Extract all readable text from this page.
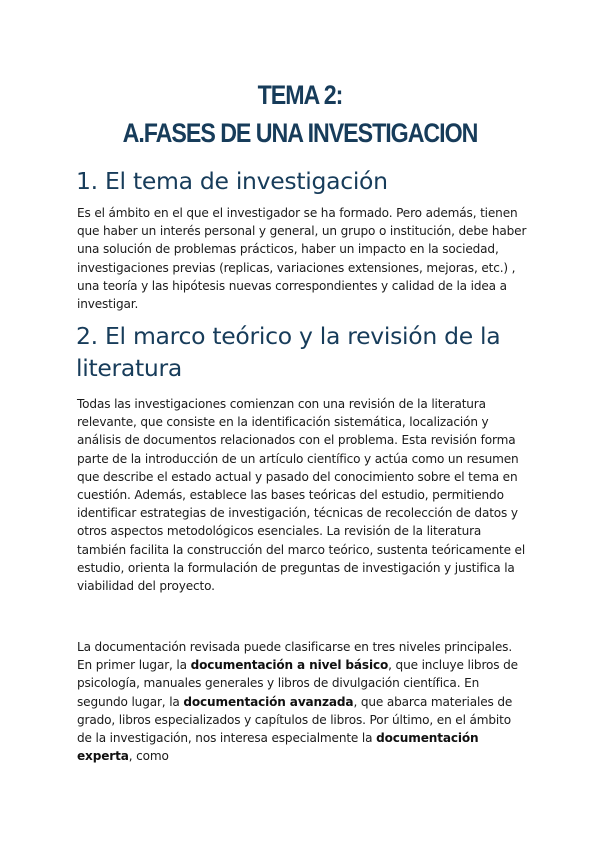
TEMA 2:
A.FASES DE UNA INVESTIGACION
1. El tema de investigación

Es el ámbito en el que el investigador se ha formado. Pero además, tienen que haber un interés personal y general, un grupo o institución, debe haber una solución de problemas prácticos, haber un impacto en la sociedad, investigaciones previas (replicas, variaciones extensiones, mejoras, etc.) , una teoría y las hipótesis nuevas correspondientes y calidad de la idea a investigar.

2. El marco teórico y la revisión de la literatura

Todas las investigaciones comienzan con una revisión de la literatura relevante, que consiste en la identificación sistemática, localización y análisis de documentos relacionados con el problema. Esta revisión forma parte de la introducción de un artículo científico y actúa como un resumen que describe el estado actual y pasado del conocimiento sobre el tema en cuestión. Además, establece las bases teóricas del estudio, permitiendo identificar estrategias de investigación, técnicas de recolección de datos y otros aspectos metodológicos esenciales. La revisión de la literatura también facilita la construcción del marco teórico, sustenta teóricamente el estudio, orienta la formulación de preguntas de investigación y justifica la viabilidad del proyecto.

La documentación revisada puede clasificarse en tres niveles principales. En primer lugar, la documentación a nivel básico, que incluye libros de psicología, manuales generales y libros de divulgación científica. En segundo lugar, la documentación avanzada, que abarca materiales de grado, libros especializados y capítulos de libros. Por último, en el ámbito de la investigación, nos interesa especialmente la documentación experta, como
